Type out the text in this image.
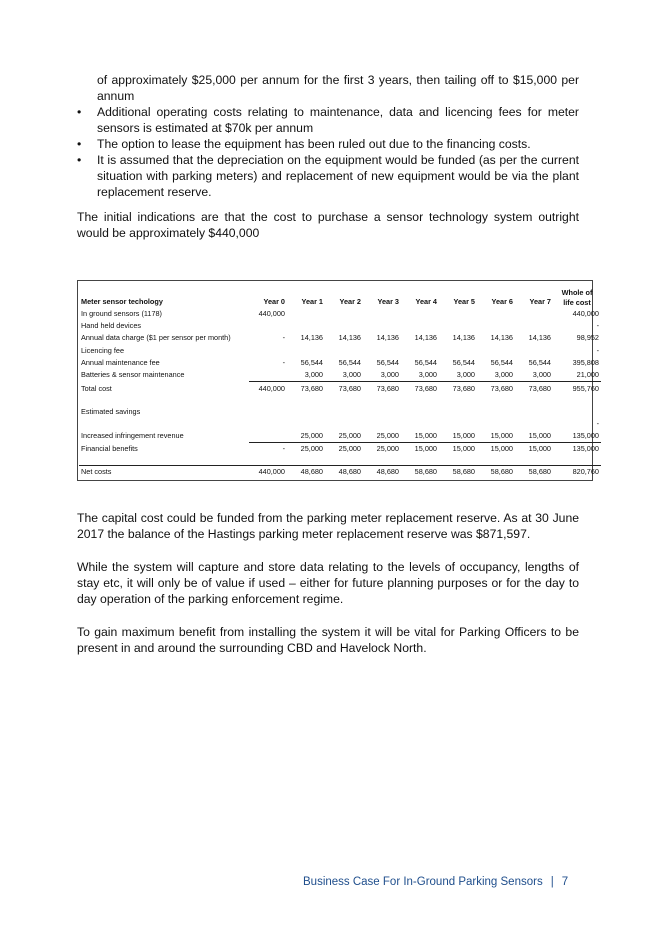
of approximately $25,000 per annum for the first 3 years, then tailing off to $15,000 per annum

• Additional operating costs relating to maintenance, data and licencing fees for meter sensors is estimated at $70k per annum
• The option to lease the equipment has been ruled out due to the financing costs.
• It is assumed that the depreciation on the equipment would be funded (as per the current situation with parking meters) and replacement of new equipment would be via the plant replacement reserve.

The initial indications are that the cost to purchase a sensor technology system outright would be approximately $440,000

Meter sensor techology	Year 0	Year 1	Year 2	Year 3	Year 4	Year 5	Year 6	Year 7	Whole of
life cost

In ground sensors (1178)	440,000								440,000
Hand held devices									-
Annual data charge ($1 per sensor per month)	-	14,136	14,136	14,136	14,136	14,136	14,136	14,136	98,952
Licencing fee									-
Annual maintenance fee	-	56,544	56,544	56,544	56,544	56,544	56,544	56,544	395,808
Batteries & sensor maintenance		3,000	3,000	3,000	3,000	3,000	3,000	3,000	21,000
Total cost	440,000	73,680	73,680	73,680	73,680	73,680	73,680	73,680	955,760
Estimated savings									
									-
Increased infringement revenue		25,000	25,000	25,000	15,000	15,000	15,000	15,000	135,000
Financial benefits	-	25,000	25,000	25,000	15,000	15,000	15,000	15,000	135,000

Net costs	440,000	48,680	48,680	48,680	58,680	58,680	58,680	58,680	820,760

The capital cost could be funded from the parking meter replacement reserve. As at 30 June 2017 the balance of the Hastings parking meter replacement reserve was $871,597.

While the system will capture and store data relating to the levels of occupancy, lengths of stay etc, it will only be of value if used – either for future planning purposes or for the day to day operation of the parking enforcement regime.

To gain maximum benefit from installing the system it will be vital for Parking Officers to be present in and around the surrounding CBD and Havelock North.

Business Case For In-Ground Parking Sensors | 7
